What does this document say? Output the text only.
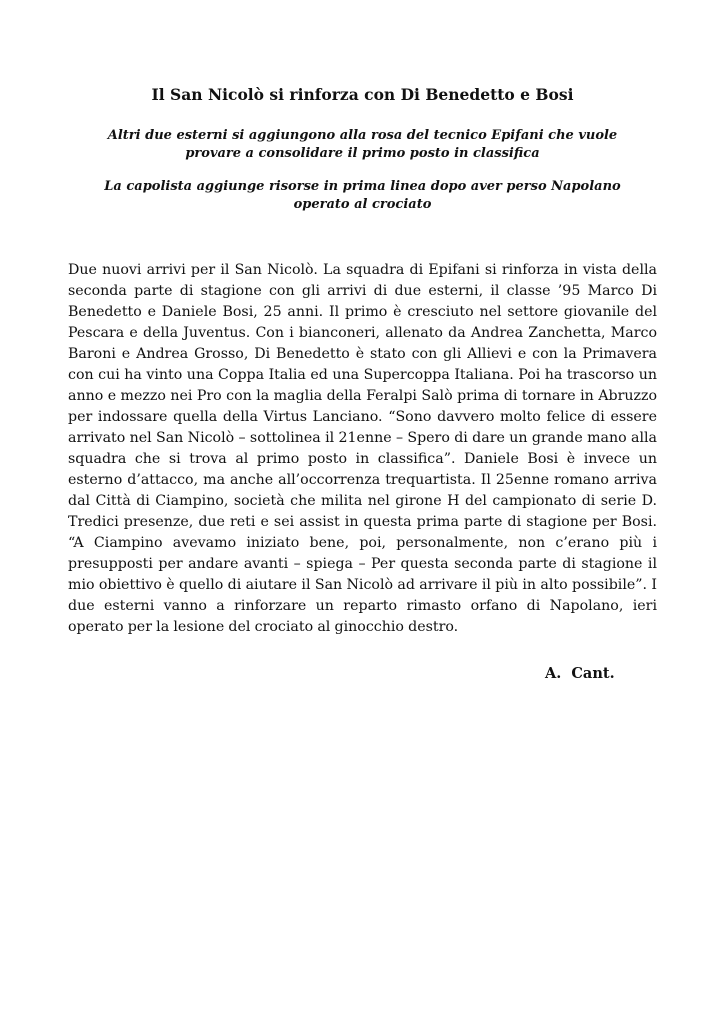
Il San Nicolò si rinforza con Di Benedetto e Bosi

Altri due esterni si aggiungono alla rosa del tecnico Epifani che vuole provare a consolidare il primo posto in classifica

La capolista aggiunge risorse in prima linea dopo aver perso Napolano operato al crociato

Due nuovi arrivi per il San Nicolò. La squadra di Epifani si rinforza in vista della seconda parte di stagione con gli arrivi di due esterni, il classe ’95 Marco Di Benedetto e Daniele Bosi, 25 anni. Il primo è cresciuto nel settore giovanile del Pescara e della Juventus. Con i bianconeri, allenato da Andrea Zanchetta, Marco Baroni e Andrea Grosso, Di Benedetto è stato con gli Allievi e con la Primavera con cui ha vinto una Coppa Italia ed una Supercoppa Italiana. Poi ha trascorso un anno e mezzo nei Pro con la maglia della Feralpi Salò prima di tornare in Abruzzo per indossare quella della Virtus Lanciano. “Sono davvero molto felice di essere arrivato nel San Nicolò – sottolinea il 21enne – Spero di dare un grande mano alla squadra che si trova al primo posto in classifica”. Daniele Bosi è invece un esterno d’attacco, ma anche all’occorrenza trequartista. Il 25enne romano arriva dal Città di Ciampino, società che milita nel girone H del campionato di serie D. Tredici presenze, due reti e sei assist in questa prima parte di stagione per Bosi. “A Ciampino avevamo iniziato bene, poi, personalmente, non c’erano più i presupposti per andare avanti – spiega – Per questa seconda parte di stagione il mio obiettivo è quello di aiutare il San Nicolò ad arrivare il più in alto possibile”. I due esterni vanno a rinforzare un reparto rimasto orfano di Napolano, ieri operato per la lesione del crociato al ginocchio destro.

A.  Cant.
